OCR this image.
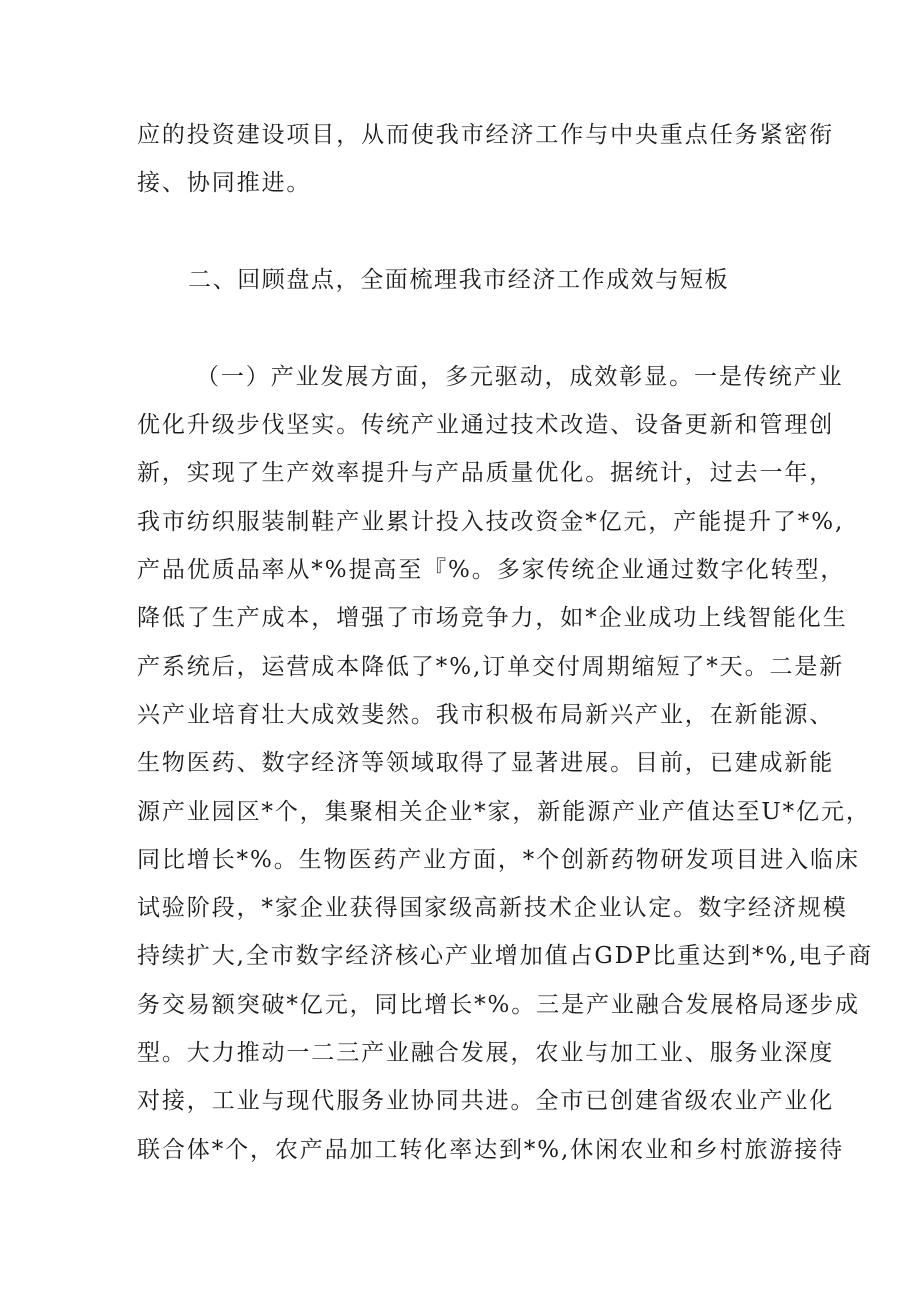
应的投资建设项目，从而使我市经济工作与中央重点任务紧密衔
接、协同推进。
二、回顾盘点，全面梳理我市经济工作成效与短板
（一）产业发展方面，多元驱动，成效彰显。一是传统产业
优化升级步伐坚实。传统产业通过技术改造、设备更新和管理创
新，实现了生产效率提升与产品质量优化。据统计，过去一年，
我市纺织服装制鞋产业累计投入技改资金*亿元，产能提升了*%,
产品优质品率从*%提高至『%。多家传统企业通过数字化转型，
降低了生产成本，增强了市场竞争力，如*企业成功上线智能化生
产系统后，运营成本降低了*%,订单交付周期缩短了*天。二是新
兴产业培育壮大成效斐然。我市积极布局新兴产业，在新能源、
生物医药、数字经济等领域取得了显著进展。目前，已建成新能
源产业园区*个，集聚相关企业*家，新能源产业产值达至U*亿元，
同比增长*%。生物医药产业方面，*个创新药物研发项目进入临床
试验阶段，*家企业获得国家级高新技术企业认定。数字经济规模
持续扩大,全市数字经济核心产业增加值占GDP比重达到*%,电子商
务交易额突破*亿元，同比增长*%。三是产业融合发展格局逐步成
型。大力推动一二三产业融合发展，农业与加工业、服务业深度
对接，工业与现代服务业协同共进。全市已创建省级农业产业化
联合体*个，农产品加工转化率达到*%,休闲农业和乡村旅游接待
